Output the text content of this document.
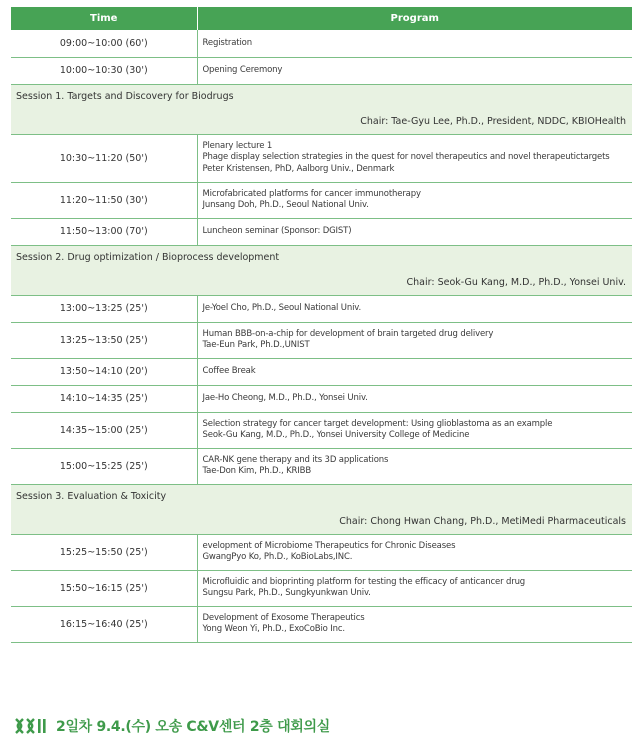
Time	Program
09:00~10:00 (60')	Registration

10:00~10:30 (30')	Opening Ceremony

Session 1. Targets and Discovery for Biodrugs	
Chair: Tae-Gyu Lee, Ph.D., President, NDDC, KBIOHealth	
10:30~11:20 (50')	Plenary lecture 1
Phage display selection strategies in the quest for novel therapeutics and novel therapeutictargets
Peter Kristensen, PhD, Aalborg Univ., Denmark

11:20~11:50 (30')	Microfabricated platforms for cancer immunotherapy
Junsang Doh, Ph.D., Seoul National Univ.

11:50~13:00 (70')	Luncheon seminar (Sponsor: DGIST)

Session 2. Drug optimization / Bioprocess development	
Chair: Seok-Gu Kang, M.D., Ph.D., Yonsei Univ.	
13:00~13:25 (25')	Je-Yoel Cho, Ph.D., Seoul National Univ.

13:25~13:50 (25')	Human BBB-on-a-chip for development of brain targeted drug delivery
Tae-Eun Park, Ph.D.,UNIST

13:50~14:10 (20')	Coffee Break

14:10~14:35 (25')	Jae-Ho Cheong, M.D., Ph.D., Yonsei Univ.

14:35~15:00 (25')	Selection strategy for cancer target development: Using glioblastoma as an example
Seok-Gu Kang, M.D., Ph.D., Yonsei University College of Medicine

15:00~15:25 (25')	CAR-NK gene therapy and its 3D applications
Tae-Don Kim, Ph.D., KRIBB

Session 3. Evaluation & Toxicity	
Chair: Chong Hwan Chang, Ph.D., MetiMedi Pharmaceuticals	
15:25~15:50 (25')	evelopment of Microbiome Therapeutics for Chronic Diseases
GwangPyo Ko, Ph.D., KoBioLabs,INC.

15:50~16:15 (25')	Microfluidic and bioprinting platform for testing the efficacy of anticancer drug
Sungsu Park, Ph.D., Sungkyunkwan Univ.

16:15~16:40 (25')	Development of Exosome Therapeutics
Yong Weon Yi, Ph.D., ExoCoBio Inc.
2일차 9.4.(수) 오송 C&V센터 2층 대회의실
